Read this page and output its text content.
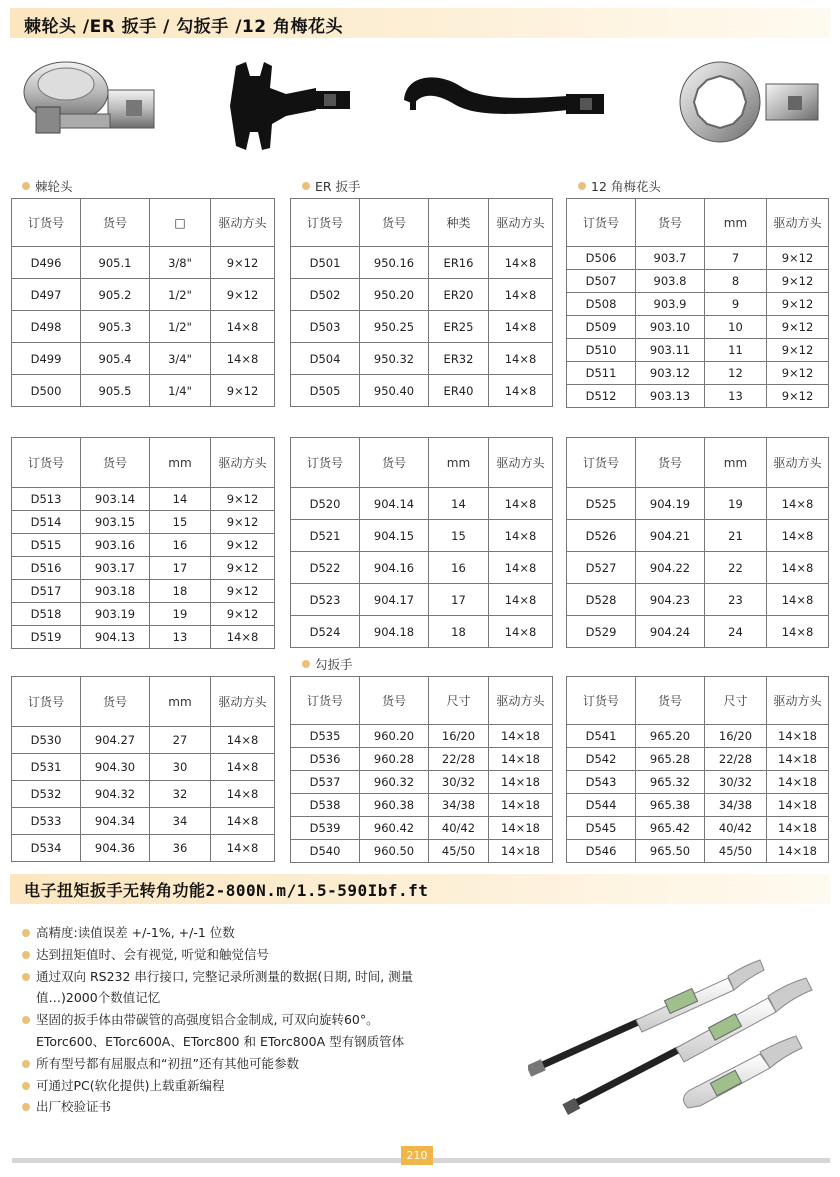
棘轮头 /ER 扳手 / 勾扳手 /12 角梅花头
棘轮头	ER 扳手	12 角梅花头
勾扳手
订货号	货号	□	驱动方头
D496	905.1	3/8"	9×12
D497	905.2	1/2"	9×12
D498	905.3	1/2"	14×8
D499	905.4	3/4"	14×8
D500	905.5	1/4"	9×12
订货号	货号	种类	驱动方头
D501	950.16	ER16	14×8
D502	950.20	ER20	14×8
D503	950.25	ER25	14×8
D504	950.32	ER32	14×8
D505	950.40	ER40	14×8
订货号	货号	mm	驱动方头
D506	903.7	7	9×12
D507	903.8	8	9×12
D508	903.9	9	9×12
D509	903.10	10	9×12
D510	903.11	11	9×12
D511	903.12	12	9×12
D512	903.13	13	9×12
订货号	货号	mm	驱动方头
D513	903.14	14	9×12
D514	903.15	15	9×12
D515	903.16	16	9×12
D516	903.17	17	9×12
D517	903.18	18	9×12
D518	903.19	19	9×12
D519	904.13	13	14×8
订货号	货号	mm	驱动方头
D520	904.14	14	14×8
D521	904.15	15	14×8
D522	904.16	16	14×8
D523	904.17	17	14×8
D524	904.18	18	14×8
订货号	货号	mm	驱动方头
D525	904.19	19	14×8
D526	904.21	21	14×8
D527	904.22	22	14×8
D528	904.23	23	14×8
D529	904.24	24	14×8
订货号	货号	mm	驱动方头
D530	904.27	27	14×8
D531	904.30	30	14×8
D532	904.32	32	14×8
D533	904.34	34	14×8
D534	904.36	36	14×8
订货号	货号	尺寸	驱动方头
D535	960.20	16/20	14×18
D536	960.28	22/28	14×18
D537	960.32	30/32	14×18
D538	960.38	34/38	14×18
D539	960.42	40/42	14×18
D540	960.50	45/50	14×18
订货号	货号	尺寸	驱动方头
D541	965.20	16/20	14×18
D542	965.28	22/28	14×18
D543	965.32	30/32	14×18
D544	965.38	34/38	14×18
D545	965.42	40/42	14×18
D546	965.50	45/50	14×18
电子扭矩扳手无转角功能2-800N.m/1.5-590Ibf.ft
高精度:读值误差 +/-1%, +/-1 位数
达到扭矩值时、会有视觉, 听觉和触觉信号
通过双向 RS232 串行接口, 完整记录所测量的数据(日期, 时间, 测量
值…)2000个数值记忆
坚固的扳手体由带碳管的高强度铝合金制成, 可双向旋转60°。
ETorc600、ETorc600A、ETorc800 和 ETorc800A 型有钢质管体
所有型号都有屈服点和“初扭”还有其他可能参数
可通过PC(软化提供)上载重新编程
出厂校验证书
210
